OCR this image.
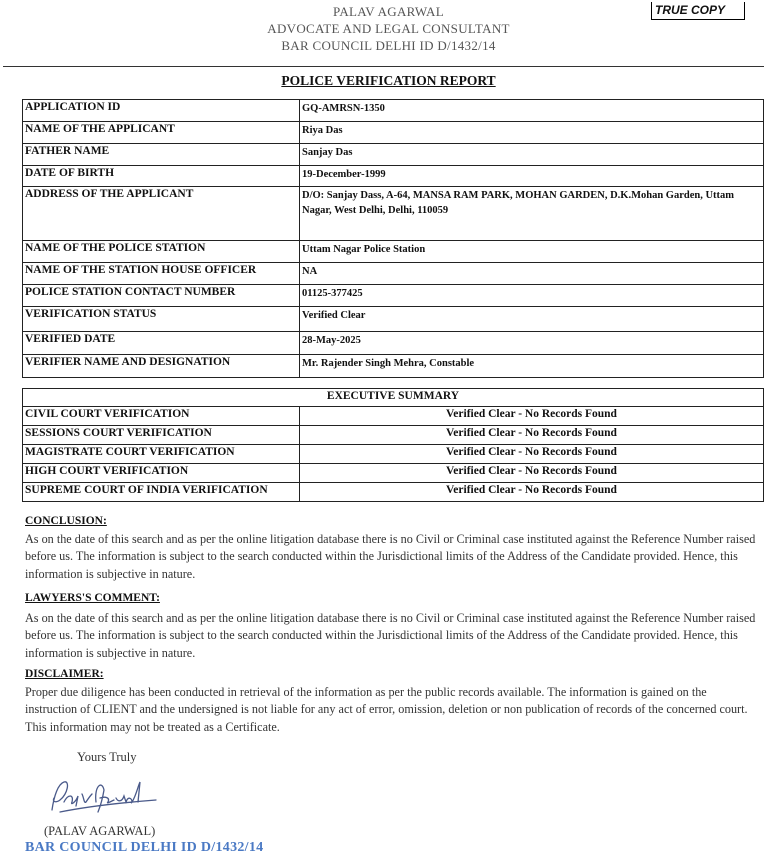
PALAV AGARWAL
ADVOCATE AND LEGAL CONSULTANT
BAR COUNCIL DELHI ID D/1432/14
TRUE COPY
POLICE VERIFICATION REPORT
APPLICATION ID	GQ-AMRSN-1350
NAME OF THE APPLICANT	Riya Das
FATHER NAME	Sanjay Das
DATE OF BIRTH	19-December-1999
ADDRESS OF THE APPLICANT	D/O: Sanjay Dass, A-64, MANSA RAM PARK, MOHAN GARDEN, D.K.Mohan Garden, Uttam Nagar, West Delhi, Delhi, 110059
NAME OF THE POLICE STATION	Uttam Nagar Police Station
NAME OF THE STATION HOUSE OFFICER	NA
POLICE STATION CONTACT NUMBER	01125-377425
VERIFICATION STATUS	Verified Clear
VERIFIED DATE	28-May-2025
VERIFIER NAME AND DESIGNATION	Mr. Rajender Singh Mehra, Constable
EXECUTIVE SUMMARY	
CIVIL COURT VERIFICATION	Verified Clear - No Records Found
SESSIONS COURT VERIFICATION	Verified Clear - No Records Found
MAGISTRATE COURT VERIFICATION	Verified Clear - No Records Found
HIGH COURT VERIFICATION	Verified Clear - No Records Found
SUPREME COURT OF INDIA VERIFICATION	Verified Clear - No Records Found
CONCLUSION:
As on the date of this search and as per the online litigation database there is no Civil or Criminal case instituted against the Reference Number raised before us. The information is subject to the search conducted within the Jurisdictional limits of the Address of the Candidate provided. Hence, this information is subjective in nature.
LAWYERS'S COMMENT:
As on the date of this search and as per the online litigation database there is no Civil or Criminal case instituted against the Reference Number raised before us. The information is subject to the search conducted within the Jurisdictional limits of the Address of the Candidate provided. Hence, this information is subjective in nature.
DISCLAIMER:
Proper due diligence has been conducted in retrieval of the information as per the public records available. The information is gained on the instruction of CLIENT and the undersigned is not liable for any act of error, omission, deletion or non publication of records of the concerned court. This information may not be treated as a Certificate.
Yours Truly
(PALAV AGARWAL)
BAR COUNCIL DELHI ID D/1432/14
